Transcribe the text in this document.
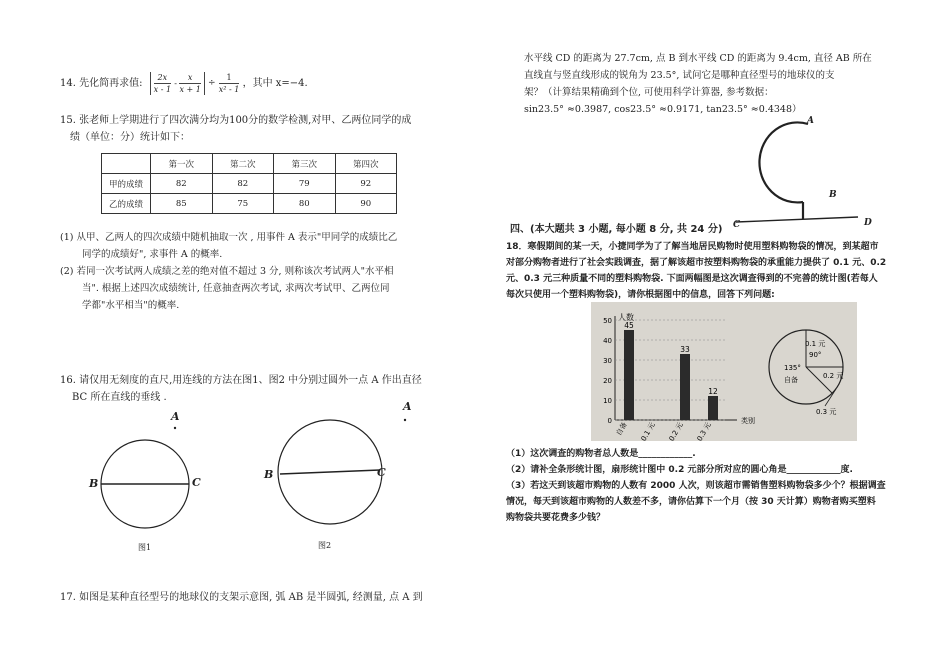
14. 先化简再求值: $\frac{2x}{x - 1} - \frac{x}{x + 1} \div \frac{1}{\text{x² - 1}}$ ，其中 x=−4.
15. 张老师上学期进行了四次满分均为100分的数学检测,对甲、乙两位同学的成
绩（单位：分）统计如下：
	第一次	第二次	第三次	第四次
甲的成绩	82	82	79	92
乙的成绩	85	75	80	90
(1) 从甲、乙两人的四次成绩中随机抽取一次 , 用事件 A 表示"甲同学的成绩比乙
同学的成绩好", 求事件 A 的概率.
(2) 若同一次考试两人成绩之差的绝对值不超过 3 分, 则称该次考试两人"水平相
当". 根据上述四次成绩统计, 任意抽查两次考试, 求两次考试甲、乙两位同
学都"水平相当"的概率.
16. 请仅用无刻度的直尺,用连线的方法在图1、图2 中分别过圆外一点 A 作出直径
BC 所在直线的垂线 .
A
B	C
A
B	C
图1	图2
17. 如图是某种直径型号的地球仪的支架示意图, 弧 AB 是半圆弧, 经测量, 点 A 到
水平线 CD 的距离为 27.7cm, 点 B 到水平线 CD 的距离为 9.4cm, 直径 AB 所在
直线直与竖直线形成的锐角为 23.5°, 试问它是哪种直径型号的地球仪的支
架？（计算结果精确到个位, 可使用科学计算器, 参考数据：
sin23.5° ≈0.3987, cos23.5° ≈0.9171, tan23.5° ≈0.4348）
A
B
C	D
四、(本大题共 3 小题, 每小题 8 分, 共 24 分)
18．寒假期间的某一天，小捷同学为了了解当地居民购物时使用塑料购物袋的情况，到某超市
对部分购物者进行了社会实践调查，据了解该超市按塑料购物袋的承重能力提供了 0.1 元、0.2
元、0.3 元三种质量不同的塑料购物袋. 下面两幅图是这次调查得到的不完善的统计图(若每人
每次只使用一个塑料购物袋)，请你根据图中的信息，回答下列问题:
人数
类别
0
10
20
30
40
50 45
自备 0.1 元
33
0.2 元
12
0.3 元
0.1 元
90°
135°
自备	0.2 元
0.3 元
（1）这次调查的购物者总人数是____________.
（2）请补全条形统计图，扇形统计图中 0.2 元部分所对应的圆心角是____________度.
（3）若这天到该超市购物的人数有 2000 人次，则该超市需销售塑料购物袋多少个？根据调查
情况，每天到该超市购物的人数差不多，请你估算下一个月（按 30 天计算）购物者购买塑料
购物袋共要花费多少钱？
